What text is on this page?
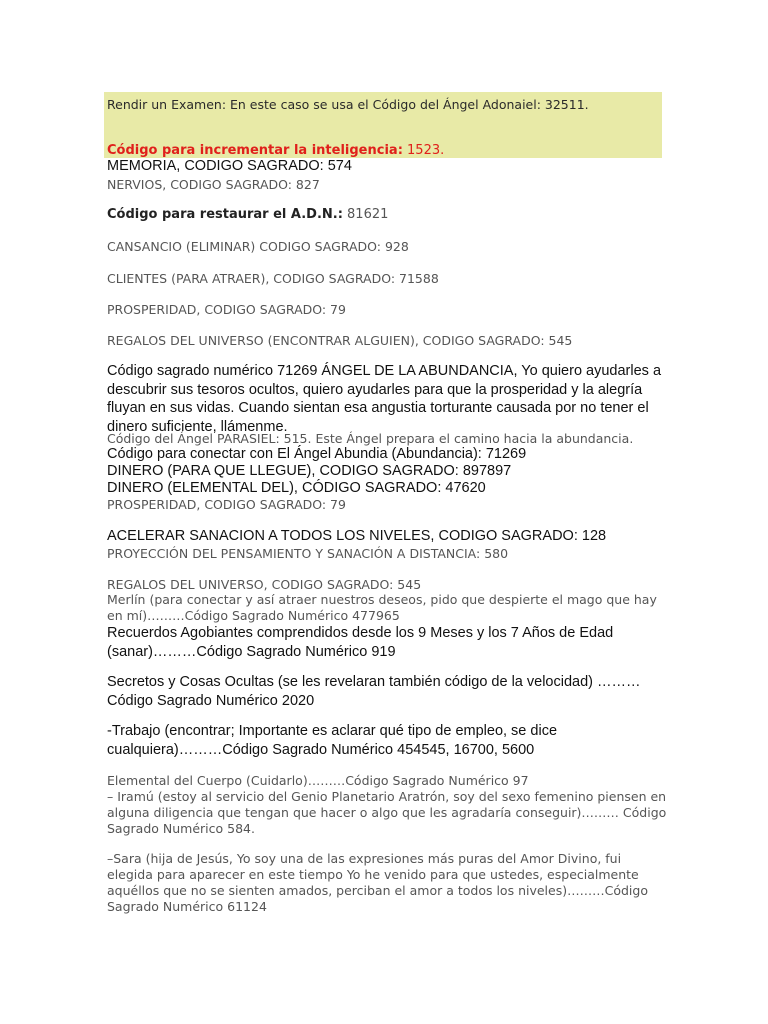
Rendir un Examen: En este caso se usa el Código del Ángel Adonaiel: 32511.
Código para incrementar la inteligencia: 1523.
MEMORIA, CODIGO SAGRADO: 574
NERVIOS, CODIGO SAGRADO: 827
Código para restaurar el A.D.N.: 81621
CANSANCIO (ELIMINAR) CODIGO SAGRADO: 928
CLIENTES (PARA ATRAER), CODIGO SAGRADO: 71588
PROSPERIDAD, CODIGO SAGRADO: 79
REGALOS DEL UNIVERSO (ENCONTRAR ALGUIEN), CODIGO SAGRADO: 545
Código sagrado numérico 71269 ÁNGEL DE LA ABUNDANCIA, Yo quiero ayudarles a descubrir sus tesoros ocultos, quiero ayudarles para que la prosperidad y la alegría fluyan en sus vidas. Cuando sientan esa angustia torturante causada por no tener el dinero suficiente, llámenme.
Código del Ángel PARASIEL: 515. Este Ángel prepara el camino hacia la abundancia.
Código para conectar con El Ángel Abundia (Abundancia): 71269
DINERO (PARA QUE LLEGUE), CODIGO SAGRADO: 897897
DINERO (ELEMENTAL DEL), CÓDIGO SAGRADO: 47620
PROSPERIDAD, CODIGO SAGRADO: 79
ACELERAR SANACION A TODOS LOS NIVELES, CODIGO SAGRADO: 128
PROYECCIÓN DEL PENSAMIENTO Y SANACIÓN A DISTANCIA: 580
REGALOS DEL UNIVERSO, CODIGO SAGRADO: 545
Merlín (para conectar y así atraer nuestros deseos, pido que despierte el mago que hay en mí)………Código Sagrado Numérico 477965
Recuerdos Agobiantes comprendidos desde los 9 Meses y los 7 Años de Edad (sanar)………Código Sagrado Numérico 919
Secretos y Cosas Ocultas (se les revelaran también código de la velocidad) ………Código Sagrado Numérico 2020
-Trabajo (encontrar; Importante es aclarar qué tipo de empleo, se dice cualquiera)………Código Sagrado Numérico 454545, 16700, 5600
Elemental del Cuerpo (Cuidarlo)………Código Sagrado Numérico 97
– Iramú (estoy al servicio del Genio Planetario Aratrón, soy del sexo femenino piensen en alguna diligencia que tengan que hacer o algo que les agradaría conseguir)……… Código Sagrado Numérico 584.
–Sara (hija de Jesús, Yo soy una de las expresiones más puras del Amor Divino, fui elegida para aparecer en este tiempo Yo he venido para que ustedes, especialmente aquéllos que no se sienten amados, perciban el amor a todos los niveles)………Código Sagrado Numérico 61124
